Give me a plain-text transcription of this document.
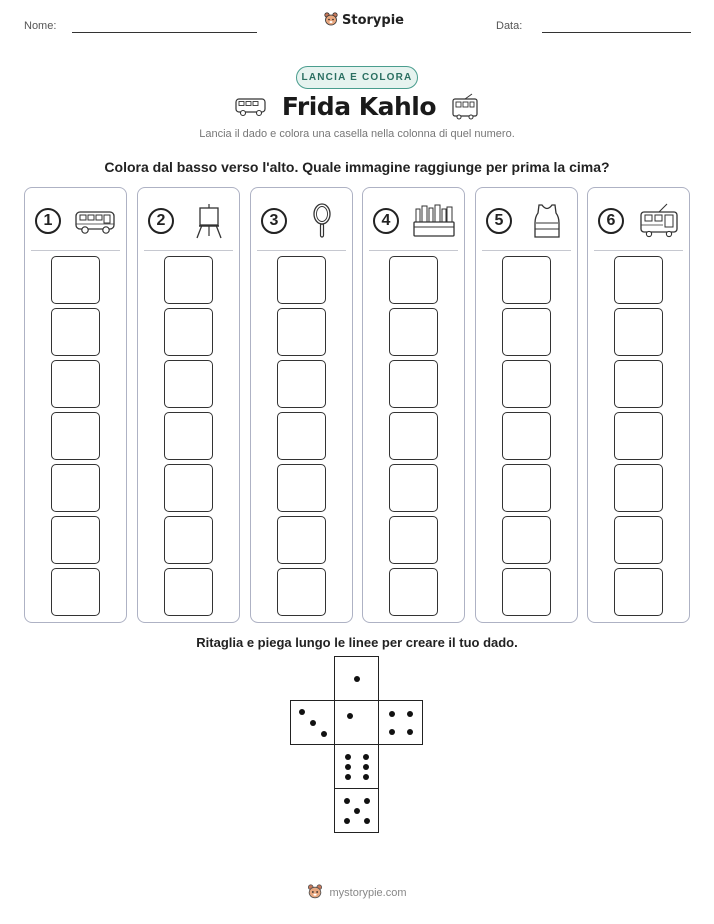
Nome:	Storypie	Data:
LANCIA E COLORA
Frida Kahlo
Lancia il dado e colora una casella nella colonna di quel numero.
Colora dal basso verso l'alto. Quale immagine raggiunge per prima la cima?
1	2	3	4	5	6
Ritaglia e piega lungo le linee per creare il tuo dado.
mystorypie.com
